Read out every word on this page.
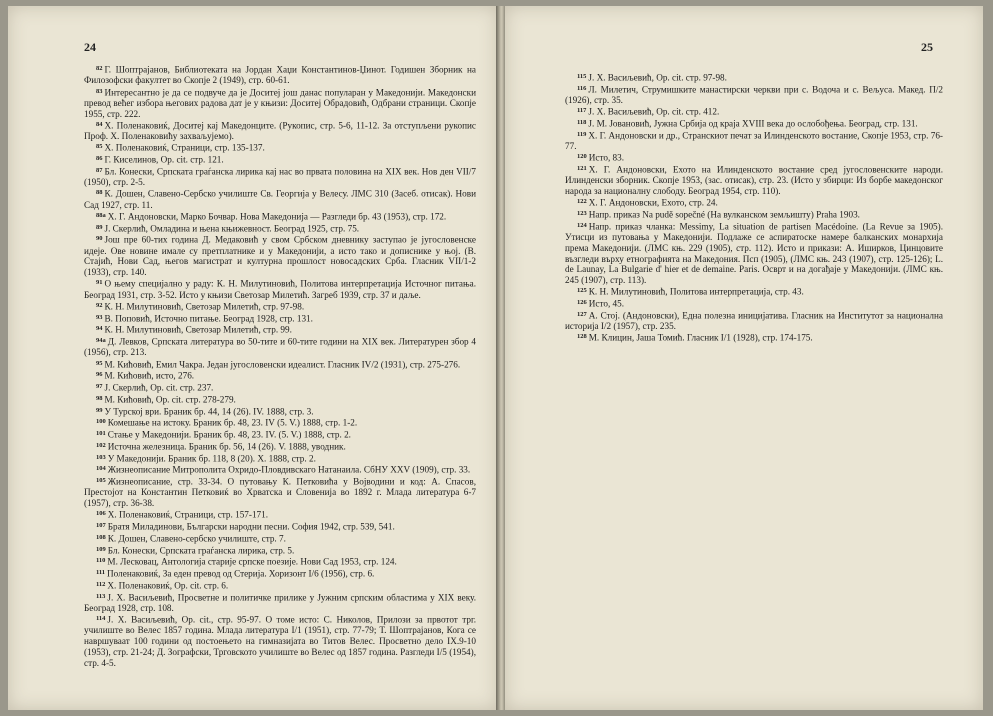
24
$^{82}$ Г. Шоптрајанов, Библиотеката на Јордан Хаџи Константинов-Џинот. Годишен Зборник на Филозофски факултет во Скопје 2 (1949), стр. 60-61.
$^{83}$ Интересантно је да се подвуче да је Доситеј још данас популаран у Македонији. Македонски превод већег избора његових радова дат је у књизи: Доситеј Обрадовић, Одбрани страници. Скопје 1955, стр. 222.
$^{84}$ Х. Поленаковиќ, Доситеј кај Македонците. (Рукопис, стр. 5-6, 11-12. За отступљени рукопис Проф. Х. Поленаковићу захваљујемо).
$^{85}$ Х. Поленаковиќ, Страници, стр. 135-137.
$^{86}$ Г. Киселинов, Op. cit. стр. 121.
$^{87}$ Бл. Конески, Српската граѓанска лирика кај нас во првата половина на XIX век. Нов ден VII/7 (1950), стр. 2-5.
$^{88}$ К. Дошен, Славено-Сербско училиште Св. Георгија у Велесу. ЛМС 310 (Засеб. отисак). Нови Сад 1927, стр. 11.
$^{88a}$ Х. Г. Андоновски, Марко Бочвар. Нова Македонија — Разгледи бр. 43 (1953), стр. 172.
$^{89}$ Ј. Скерлић, Омладина и њена књижевност. Београд 1925, стр. 75.
$^{90}$ Још пре 60-тих година Д. Медаковић у свом Србском дневнику заступао је југословенске идеје. Ове новине имале су претплатнике и у Македонији, а исто тако и дописнике у њој. (В. Стајић, Нови Сад, његов магистрат и културна прошлост новосадских Срба. Гласник VII/1-2 (1933), стр. 140.
$^{91}$ О њему специјално у раду: К. Н. Милутиновић, Политова интерпретација Источног питања. Београд 1931, стр. 3-52. Исто у књизи Светозар Милетић. Загреб 1939, стр. 37 и даље.
$^{92}$ К. Н. Милутиновић, Светозар Милетић, стр. 97-98.
$^{93}$ В. Поповић, Источно питање. Београд 1928, стр. 131.
$^{94}$ К. Н. Милутиновић, Светозар Милетић, стр. 99.
$^{94a}$ Д. Левков, Српската литература во 50-тите и 60-тите години на XIX век. Литературен збор 4 (1956), стр. 213.
$^{95}$ М. Кићовић, Емил Чакра. Један југословенски идеалист. Гласник IV/2 (1931), стр. 275-276.
$^{96}$ М. Кићовић, исто, 276.
$^{97}$ Ј. Скерлић, Op. cit. стр. 237.
$^{98}$ М. Кићовић, Op. cit. стр. 278-279.
$^{99}$ У Турској ври. Браник бр. 44, 14 (26). IV. 1888, стр. 3.
$^{100}$ Комешање на истоку. Браник бр. 48, 23. IV (5. V.) 1888, стр. 1-2.
$^{101}$ Стање у Македонији. Браник бр. 48, 23. IV. (5. V.) 1888, стр. 2.
$^{102}$ Источна железница. Браник бр. 56, 14 (26). V. 1888, уводник.
$^{103}$ У Македонији. Браник бр. 118, 8 (20). X. 1888, стр. 2.
$^{104}$ Жизнеописание Митрополита Охридо-Пловдивскаго Натанаила. СбНУ XXV (1909), стр. 33.
$^{105}$ Жизнеописание, стр. 33-34. О путовању К. Петковића у Војводини и код: А. Спасов, Престојот на Константин Петковиќ во Хрватска и Словенија во 1892 г. Млада литература 6-7 (1957), стр. 36-38.
$^{106}$ Х. Поленаковиќ, Страници, стр. 157-171.
$^{107}$ Братя Миладинови, Български народни песни. София 1942, стр. 539, 541.
$^{108}$ К. Дошен, Славено-сербско училиште, стр. 7.
$^{109}$ Бл. Конески, Српската граѓанска лирика, стр. 5.
$^{110}$ М. Лесковац, Антологија старије српске поезије. Нови Сад 1953, стр. 124.
$^{111}$ Поленаковиќ, За еден превод од Стерија. Хоризонт I/6 (1956), стр. 6.
$^{112}$ Х. Поленаковиќ, Op. cit. стр. 6.
$^{113}$ Ј. Х. Васиљевић, Просветне и политичке прилике у Јужним српским областима у XIX веку. Београд 1928, стр. 108.
$^{114}$ Ј. Х. Васиљевић, Op. cit., стр. 95-97. О томе исто: С. Николов, Прилози за првотот трг. училиште во Велес 1857 година. Млада литература I/1 (1951), стр. 77-79; Т. Шоптрајанов, Кога се навршуваат 100 години од постоењето на гимназијата во Титов Велес. Просветно дело IX.9-10 (1953), стр. 21-24; Д. Зографски, Трговското училиште во Велес од 1857 година. Разгледи I/5 (1954), стр. 4-5.
25
$^{115}$ Ј. Х. Васиљевић, Op. cit. стр. 97-98.
$^{116}$ Л. Милетич, Струмишките манастирски черкви при с. Водоча и с. Вељуса. Макед. П/2 (1926), стр. 35.
$^{117}$ Ј. Х. Васиљевић, Op. cit. стр. 412.
$^{118}$ Ј. М. Јовановић, Јужна Србија од краја XVIII века до ослобођења. Београд, стр. 131.
$^{119}$ Х. Г. Андоновски и др., Странскиот печат за Илинденското востание, Скопје 1953, стр. 76-77.
$^{120}$ Исто, 83.
$^{121}$ Х. Г. Андоновски, Ехото на Илинденското востание сред југословенските народи. Илинденски зборник. Скопје 1953, (зас. отисак), стр. 23. (Исто у збирци: Из борбе македонског народа за националну слободу. Београд 1954, стр. 110).
$^{122}$ Х. Г. Андоновски, Ехото, стр. 24.
$^{123}$ Напр. приказ Na pudě sopečné (На вулканском земљишту) Praha 1903.
$^{124}$ Напр. приказ чланка: Messimy, La situation de partisen Macédoine. (La Revue за 1905). Утисци из путовања у Македонији. Подлаже се аспиратоске намере балканских монархија према Македонији. (ЛМС књ. 229 (1905), стр. 112). Исто и прикази: А. Иширков, Цинцовите възгледи върху етнографията на Македония. Псп (1905), (ЛМС књ. 243 (1907), стр. 125-126); L. de Launay, La Bulgarie d' hier et de demaine. Paris. Осврт и на догађаје у Македонији. (ЛМС књ. 245 (1907), стр. 113).
$^{125}$ К. Н. Милутиновић, Политова интерпретација, стр. 43.
$^{126}$ Исто, 45.
$^{127}$ А. Стој. (Андоновски), Една полезна иницијатива. Гласник на Институтот за национална историја I/2 (1957), стр. 235.
$^{128}$ М. Клицин, Јаша Томић. Гласник I/1 (1928), стр. 174-175.
